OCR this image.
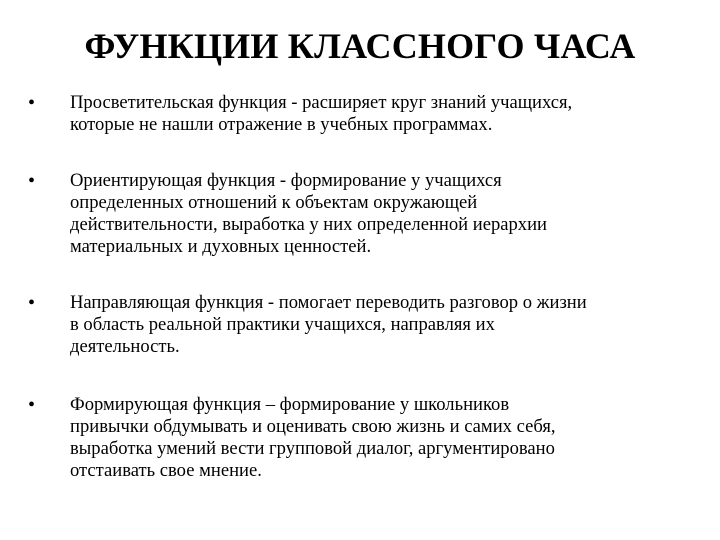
ФУНКЦИИ КЛАССНОГО ЧАСА
•	Просветительская функция - расширяет круг знаний учащихся,
которые не нашли отражение в учебных программах.
•	Ориентирующая функция - формирование у учащихся
определенных отношений к объектам окружающей
действительности, выработка у них определенной иерархии
материальных и духовных ценностей.
•	Направляющая функция - помогает переводить разговор о жизни
в область реальной практики учащихся, направляя их
деятельность.
•	Формирующая функция – формирование у школьников
привычки обдумывать и оценивать свою жизнь и самих себя,
выработка умений вести групповой диалог, аргументировано
отстаивать свое мнение.
